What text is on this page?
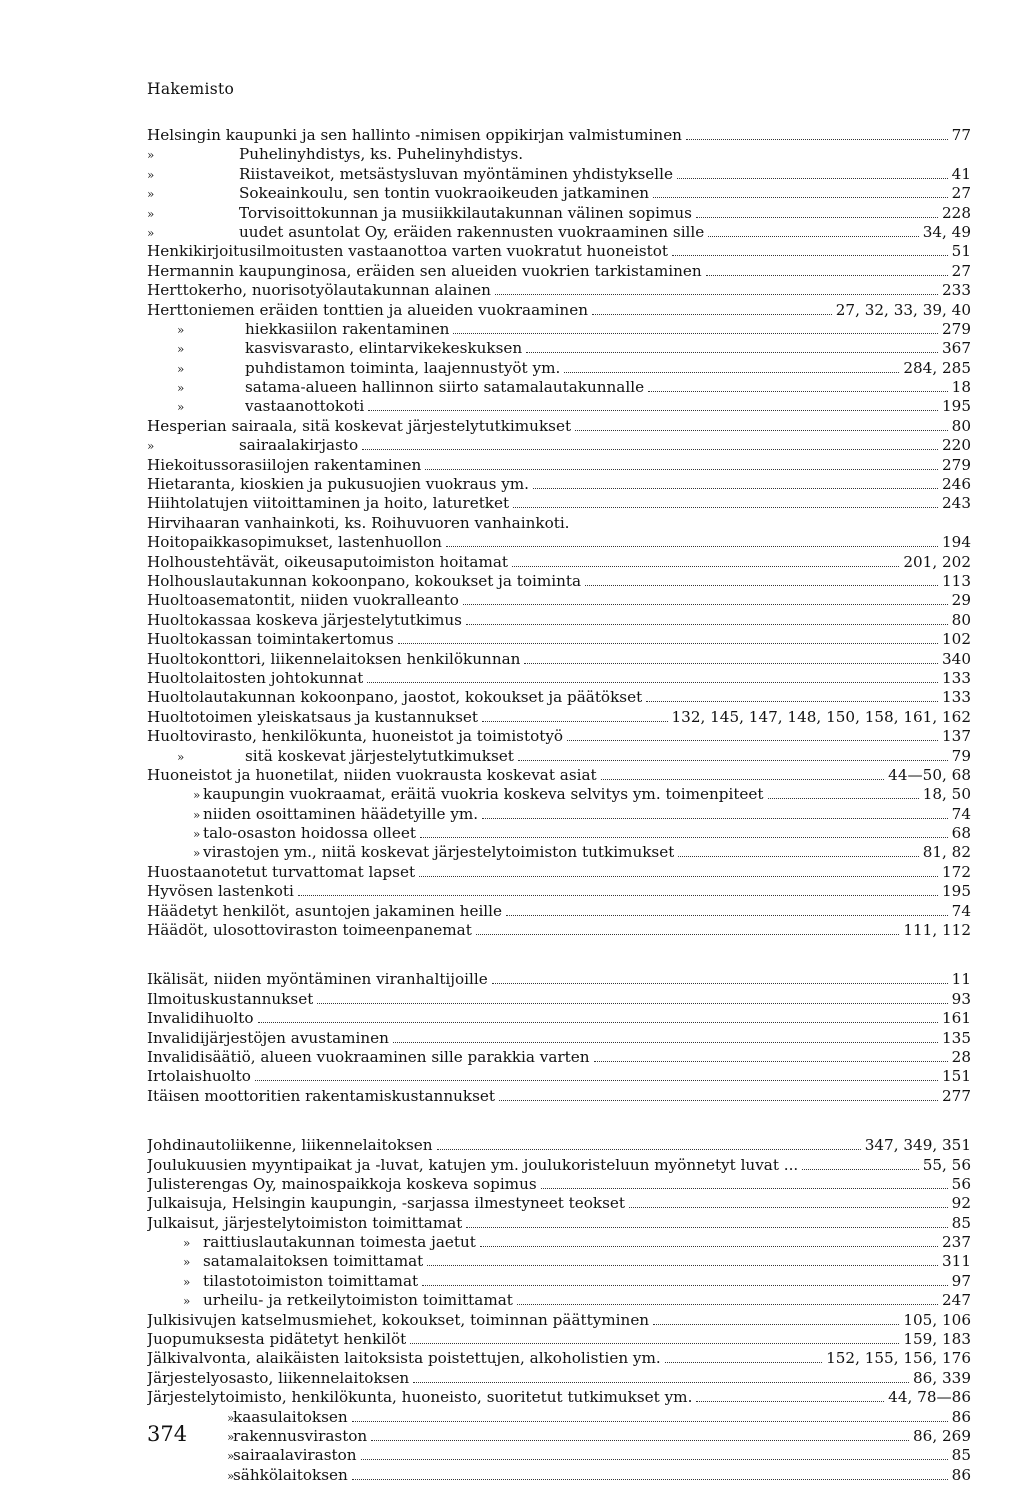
Hakemisto
Helsingin kaupunki ja sen hallinto -nimisen oppikirjan valmistuminen	77
»	Puhelinyhdistys, ks. Puhelinyhdistys.
»	Riistaveikot, metsästysluvan myöntäminen yhdistykselle	41
»	Sokeainkoulu, sen tontin vuokraoikeuden jatkaminen	27
»	Torvisoittokunnan ja musiikkilautakunnan välinen sopimus	228
»	uudet asuntolat Oy, eräiden rakennusten vuokraaminen sille	34, 49
Henkikirjoitusilmoitusten vastaanottoa varten vuokratut huoneistot	51
Hermannin kaupunginosa, eräiden sen alueiden vuokrien tarkistaminen	27
Herttokerho, nuorisotyölautakunnan alainen	233
Herttoniemen eräiden tonttien ja alueiden vuokraaminen	27, 32, 33, 39, 40
»	hiekkasiilon rakentaminen	279
»	kasvisvarasto, elintarvikekeskuksen	367
»	puhdistamon toiminta, laajennustyöt ym.	284, 285
»	satama-alueen hallinnon siirto satamalautakunnalle	18
»	vastaanottokoti	195
Hesperian sairaala, sitä koskevat järjestelytutkimukset	80
»	sairaalakirjasto	220
Hiekoitussorasiilojen rakentaminen	279
Hietaranta, kioskien ja pukusuojien vuokraus ym.	246
Hiihtolatujen viitoittaminen ja hoito, laturetket	243
Hirvihaaran vanhainkoti, ks. Roihuvuoren vanhainkoti.
Hoitopaikkasopimukset, lastenhuollon	194
Holhoustehtävät, oikeusaputoimiston hoitamat	201, 202
Holhouslautakunnan kokoonpano, kokoukset ja toiminta	113
Huoltoasematontit, niiden vuokralleanto	29
Huoltokassaa koskeva järjestelytutkimus	80
Huoltokassan toimintakertomus	102
Huoltokonttori, liikennelaitoksen henkilökunnan	340
Huoltolaitosten johtokunnat	133
Huoltolautakunnan kokoonpano, jaostot, kokoukset ja päätökset	133
Huoltotoimen yleiskatsaus ja kustannukset	132, 145, 147, 148, 150, 158, 161, 162
Huoltovirasto, henkilökunta, huoneistot ja toimistotyö	137
»	sitä koskevat järjestelytutkimukset	79
Huoneistot ja huonetilat, niiden vuokrausta koskevat asiat	44—50, 68
» kaupungin vuokraamat, eräitä vuokria koskeva selvitys ym. toimenpiteet	18, 50
» niiden osoittaminen häädetyille ym.	74
» talo-osaston hoidossa olleet	68
» virastojen ym., niitä koskevat järjestelytoimiston tutkimukset	81, 82
Huostaanotetut turvattomat lapset	172
Hyvösen lastenkoti	195
Häädetyt henkilöt, asuntojen jakaminen heille	74
Häädöt, ulosottoviraston toimeenpanemat	111, 112
Ikälisät, niiden myöntäminen viranhaltijoille	11
Ilmoituskustannukset	93
Invalidihuolto	161
Invalidijärjestöjen avustaminen	135
Invalidisäätiö, alueen vuokraaminen sille parakkia varten	28
Irtolaishuolto	151
Itäisen moottoritien rakentamiskustannukset	277
Johdinautoliikenne, liikennelaitoksen	347, 349, 351
Joulukuusien myyntipaikat ja -luvat, katujen ym. joulukoristeluun myönnetyt luvat ...	55, 56
Julisterengas Oy, mainospaikkoja koskeva sopimus	56
Julkaisuja, Helsingin kaupungin, -sarjassa ilmestyneet teokset	92
Julkaisut, järjestelytoimiston toimittamat	85
» raittiuslautakunnan toimesta jaetut	237
» satamalaitoksen toimittamat	311
» tilastotoimiston toimittamat	97
» urheilu- ja retkeilytoimiston toimittamat	247
Julkisivujen katselmusmiehet, kokoukset, toiminnan päättyminen	105, 106
Juopumuksesta pidätetyt henkilöt	159, 183
Jälkivalvonta, alaikäisten laitoksista poistettujen, alkoholistien ym.	152, 155, 156, 176
Järjestelyosasto, liikennelaitoksen	86, 339
Järjestelytoimisto, henkilökunta, huoneisto, suoritetut tutkimukset ym.	44, 78—86
»
kaasulaitoksen	86
»
rakennusviraston	86, 269
»
sairaalaviraston	85
»
sähkölaitoksen	86
374
